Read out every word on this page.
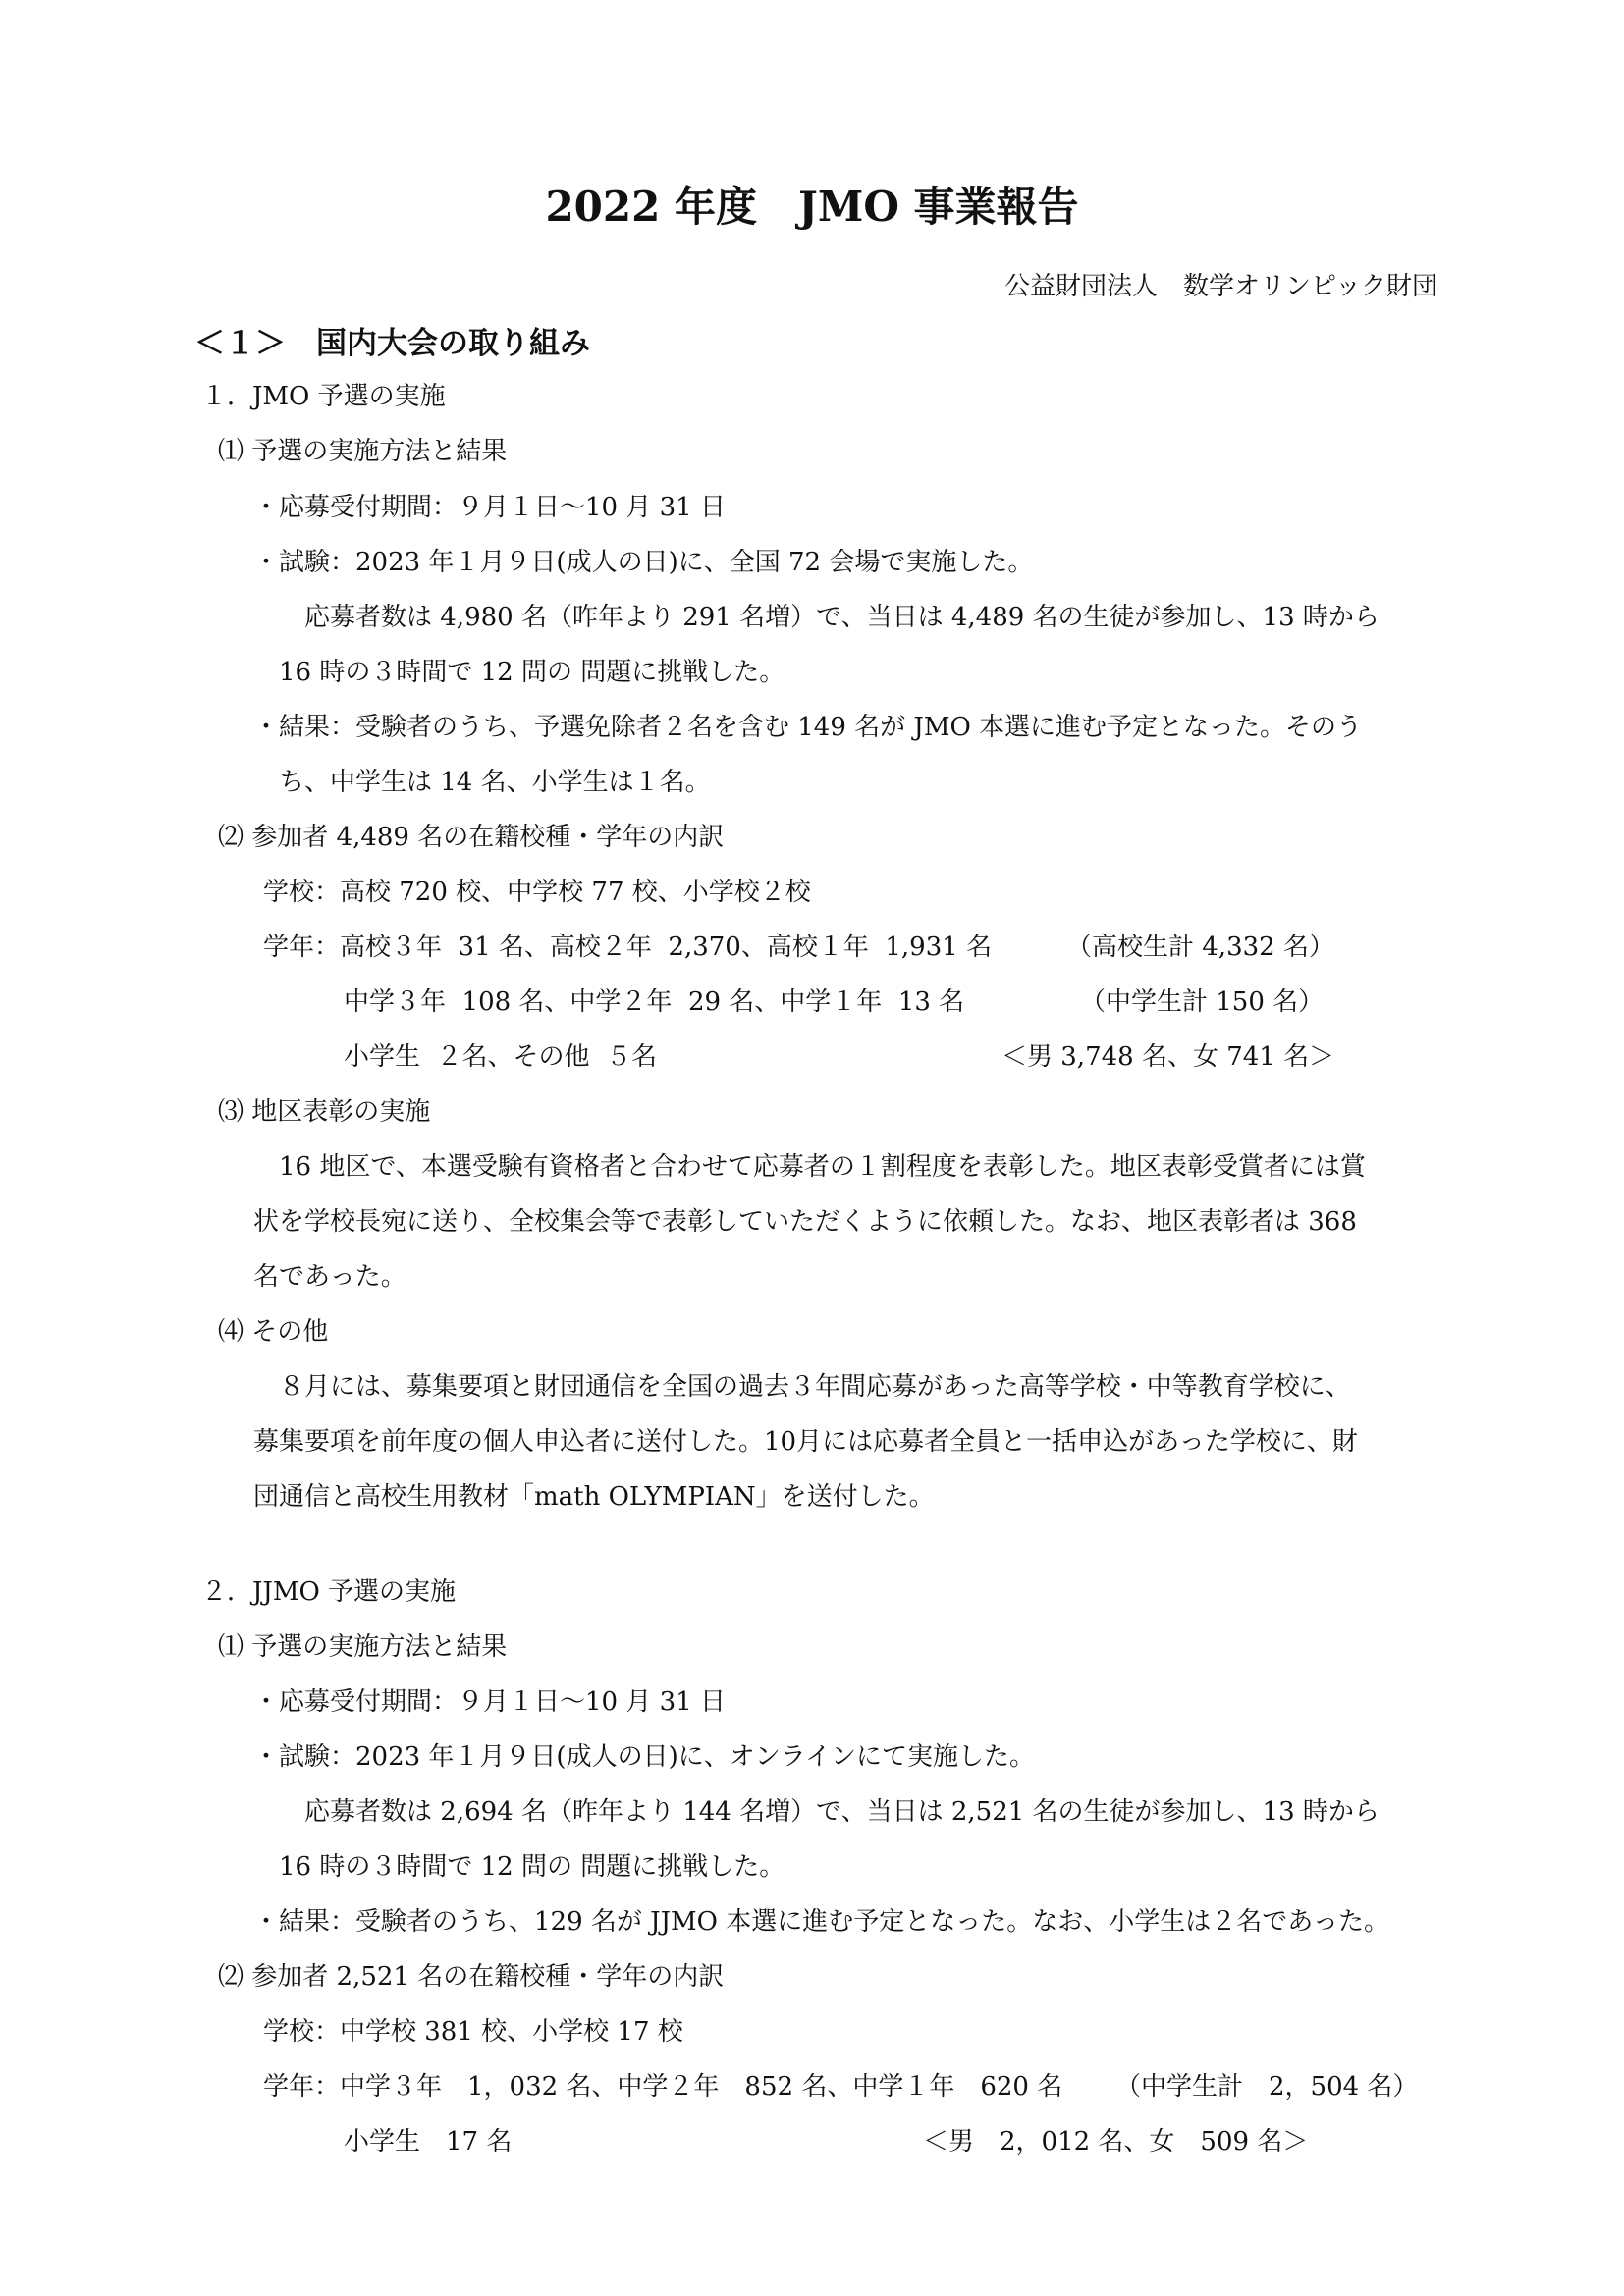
2022 年度　JMO 事業報告
公益財団法人　数学オリンピック財団
＜１＞　国内大会の取り組み
１．JMO 予選の実施
⑴ 予選の実施方法と結果
・応募受付期間：９月１日～10 月 31 日
・試験：2023 年１月９日(成人の日)に、全国 72 会場で実施した。
応募者数は 4,980 名（昨年より 291 名増）で、当日は 4,489 名の生徒が参加し、13 時から
16 時の３時間で 12 問の 問題に挑戦した。
・結果：受験者のうち、予選免除者２名を含む 149 名が JMO 本選に進む予定となった。そのう
ち、中学生は 14 名、小学生は１名。
⑵ 参加者 4,489 名の在籍校種・学年の内訳
学校：高校 720 校、中学校 77 校、小学校２校
学年：高校３年  31 名、高校２年  2,370、高校１年  1,931 名	（高校生計 4,332 名）
中学３年  108 名、中学２年  29 名、中学１年  13 名	（中学生計 150 名）
小学生  ２名、その他  ５名	＜男 3,748 名、女 741 名＞
⑶ 地区表彰の実施
16 地区で、本選受験有資格者と合わせて応募者の１割程度を表彰した。地区表彰受賞者には賞
状を学校長宛に送り、全校集会等で表彰していただくように依頼した。なお、地区表彰者は 368
名であった。
⑷ その他
８月には、募集要項と財団通信を全国の過去３年間応募があった高等学校・中等教育学校に、
募集要項を前年度の個人申込者に送付した。10月には応募者全員と一括申込があった学校に、財
団通信と高校生用教材「math OLYMPIAN」を送付した。
２．JJMO 予選の実施
⑴ 予選の実施方法と結果
・応募受付期間：９月１日～10 月 31 日
・試験：2023 年１月９日(成人の日)に、オンラインにて実施した。
応募者数は 2,694 名（昨年より 144 名増）で、当日は 2,521 名の生徒が参加し、13 時から
16 時の３時間で 12 問の 問題に挑戦した。
・結果：受験者のうち、129 名が JJMO 本選に進む予定となった。なお、小学生は２名であった。
⑵ 参加者 2,521 名の在籍校種・学年の内訳
学校：中学校 381 校、小学校 17 校
学年：中学３年　1，032 名、中学２年　852 名、中学１年　620 名 （中学生計　2，504 名）
小学生　17 名	＜男　2，012 名、女　509 名＞
